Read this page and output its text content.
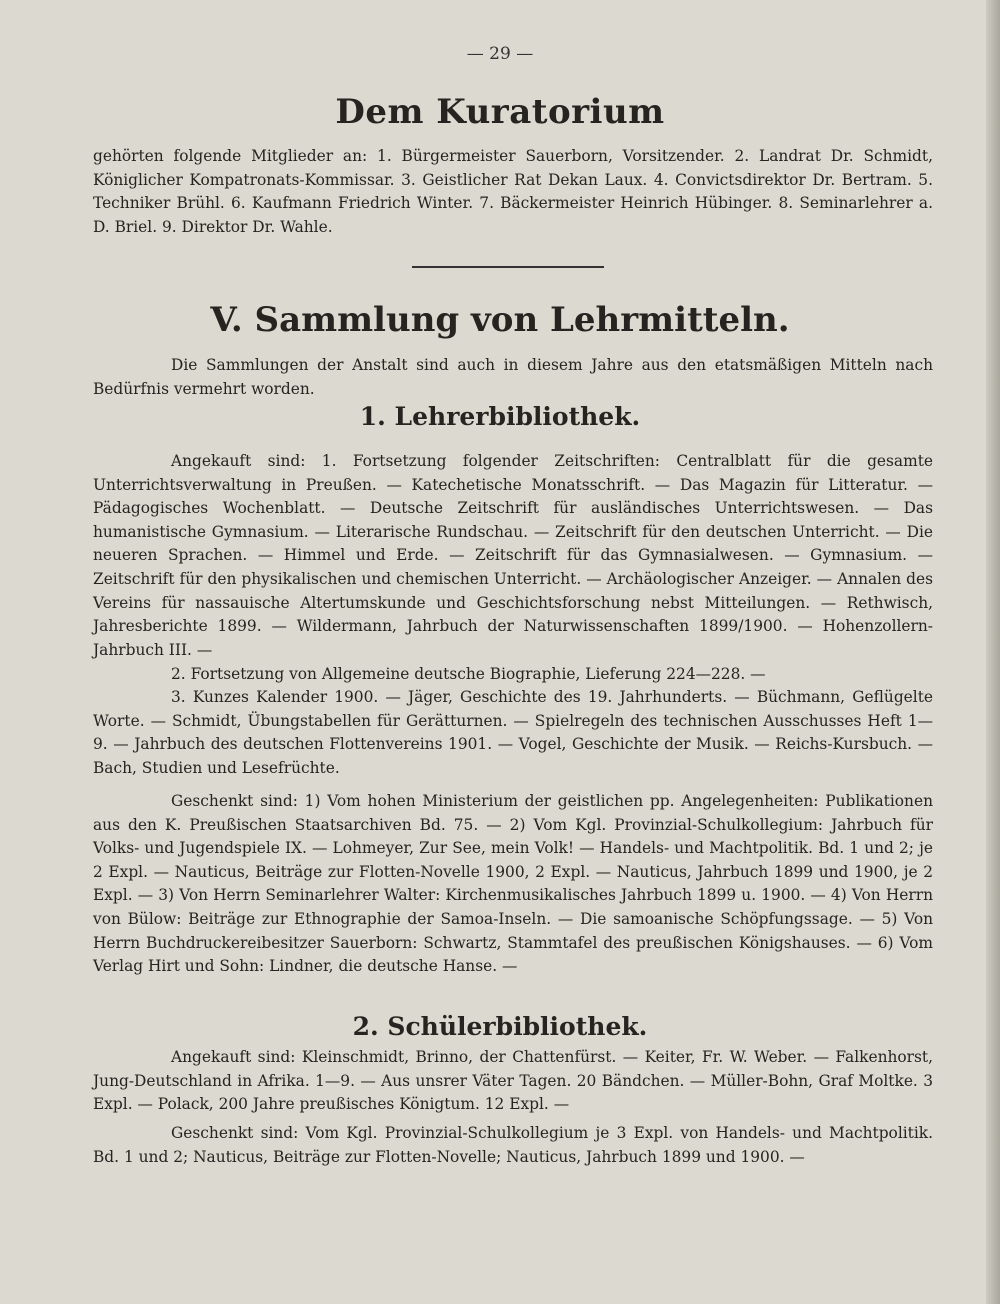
— 29 —
Dem Kuratorium

gehörten folgende Mitglieder an: 1. Bürgermeister Sauerborn, Vorsitzender. 2. Landrat Dr. Schmidt, Königlicher Kompatronats-Kommissar. 3. Geistlicher Rat Dekan Laux. 4. Convictsdirektor Dr. Bertram. 5. Techniker Brühl. 6. Kaufmann Friedrich Winter. 7. Bäckermeister Heinrich Hübinger. 8. Seminarlehrer a. D. Briel. 9. Direktor Dr. Wahle.

V. Sammlung von Lehrmitteln.

Die Sammlungen der Anstalt sind auch in diesem Jahre aus den etatsmäßigen Mitteln nach Bedürfnis vermehrt worden.

1. Lehrerbibliothek.

Angekauft sind: 1. Fortsetzung folgender Zeitschriften: Centralblatt für die gesamte Unterrichtsverwaltung in Preußen. — Katechetische Monatsschrift. — Das Magazin für Litteratur. — Pädagogisches Wochenblatt. — Deutsche Zeitschrift für ausländisches Unterrichtswesen. — Das humanistische Gymnasium. — Literarische Rundschau. — Zeitschrift für den deutschen Unterricht. — Die neueren Sprachen. — Himmel und Erde. — Zeitschrift für das Gymnasialwesen. — Gymnasium. — Zeitschrift für den physikalischen und chemischen Unterricht. — Archäologischer Anzeiger. — Annalen des Vereins für nassauische Altertumskunde und Geschichtsforschung nebst Mitteilungen. — Rethwisch, Jahresberichte 1899. — Wildermann, Jahrbuch der Naturwissenschaften 1899/1900. — Hohenzollern-Jahrbuch III. —

2. Fortsetzung von Allgemeine deutsche Biographie, Lieferung 224—228. —

3. Kunzes Kalender 1900. — Jäger, Geschichte des 19. Jahrhunderts. — Büchmann, Geflügelte Worte. — Schmidt, Übungstabellen für Gerätturnen. — Spielregeln des technischen Ausschusses Heft 1—9. — Jahrbuch des deutschen Flottenvereins 1901. — Vogel, Geschichte der Musik. — Reichs-Kursbuch. — Bach, Studien und Lesefrüchte.

Geschenkt sind: 1) Vom hohen Ministerium der geistlichen pp. Angelegenheiten: Publikationen aus den K. Preußischen Staatsarchiven Bd. 75. — 2) Vom Kgl. Provinzial-Schulkollegium: Jahrbuch für Volks- und Jugendspiele IX. — Lohmeyer, Zur See, mein Volk! — Handels- und Machtpolitik. Bd. 1 und 2; je 2 Expl. — Nauticus, Beiträge zur Flotten-Novelle 1900, 2 Expl. — Nauticus, Jahrbuch 1899 und 1900, je 2 Expl. — 3) Von Herrn Seminarlehrer Walter: Kirchenmusikalisches Jahrbuch 1899 u. 1900. — 4) Von Herrn von Bülow: Beiträge zur Ethnographie der Samoa-Inseln. — Die samoanische Schöpfungssage. — 5) Von Herrn Buchdruckereibesitzer Sauerborn: Schwartz, Stammtafel des preußischen Königshauses. — 6) Vom Verlag Hirt und Sohn: Lindner, die deutsche Hanse. —

2. Schülerbibliothek.

Angekauft sind: Kleinschmidt, Brinno, der Chattenfürst. — Keiter, Fr. W. Weber. — Falkenhorst, Jung-Deutschland in Afrika. 1—9. — Aus unsrer Väter Tagen. 20 Bändchen. — Müller-Bohn, Graf Moltke. 3 Expl. — Polack, 200 Jahre preußisches Königtum. 12 Expl. —

Geschenkt sind: Vom Kgl. Provinzial-Schulkollegium je 3 Expl. von Handels- und Machtpolitik. Bd. 1 und 2; Nauticus, Beiträge zur Flotten-Novelle; Nauticus, Jahrbuch 1899 und 1900. —
